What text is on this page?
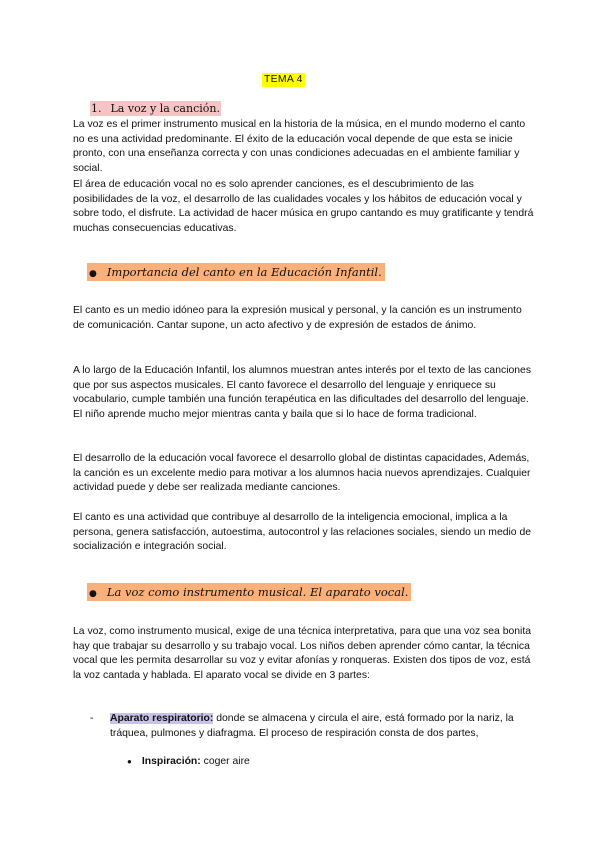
TEMA 4
1. La voz y la canción.

La voz es el primer instrumento musical en la historia de la música, en el mundo moderno el canto no es una actividad predominante. El éxito de la educación vocal depende de que esta se inicie pronto, con una enseñanza correcta y con unas condiciones adecuadas en el ambiente familiar y social.

El área de educación vocal no es solo aprender canciones, es el descubrimiento de las posibilidades de la voz, el desarrollo de las cualidades vocales y los hábitos de educación vocal y sobre todo, el disfrute. La actividad de hacer música en grupo cantando es muy gratificante y tendrá muchas consecuencias educativas.

● Importancia del canto en la Educación Infantil.

El canto es un medio idóneo para la expresión musical y personal, y la canción es un instrumento de comunicación. Cantar supone, un acto afectivo y de expresión de estados de ánimo.

A lo largo de la Educación Infantil, los alumnos muestran antes interés por el texto de las canciones que por sus aspectos musicales. El canto favorece el desarrollo del lenguaje y enriquece su vocabulario, cumple también una función terapéutica en las dificultades del desarrollo del lenguaje. El niño aprende mucho mejor mientras canta y baila que si lo hace de forma tradicional.

El desarrollo de la educación vocal favorece el desarrollo global de distintas capacidades, Además, la canción es un excelente medio para motivar a los alumnos hacia nuevos aprendizajes. Cualquier actividad puede y debe ser realizada mediante canciones.

El canto es una actividad que contribuye al desarrollo de la inteligencia emocional, implica a la persona, genera satisfacción, autoestima, autocontrol y las relaciones sociales, siendo un medio de socialización e integración social.

● La voz como instrumento musical. El aparato vocal.

La voz, como instrumento musical, exige de una técnica interpretativa, para que una voz sea bonita hay que trabajar su desarrollo y su trabajo vocal. Los niños deben aprender cómo cantar, la técnica vocal que les permita desarrollar su voz y evitar afonías y ronqueras. Existen dos tipos de voz, está la voz cantada y hablada. El aparato vocal se divide en 3 partes:

- Aparato respiratorio: donde se almacena y circula el aire, está formado por la nariz, la tráquea, pulmones y diafragma. El proceso de respiración consta de dos partes,
● Inspiración: coger aire
